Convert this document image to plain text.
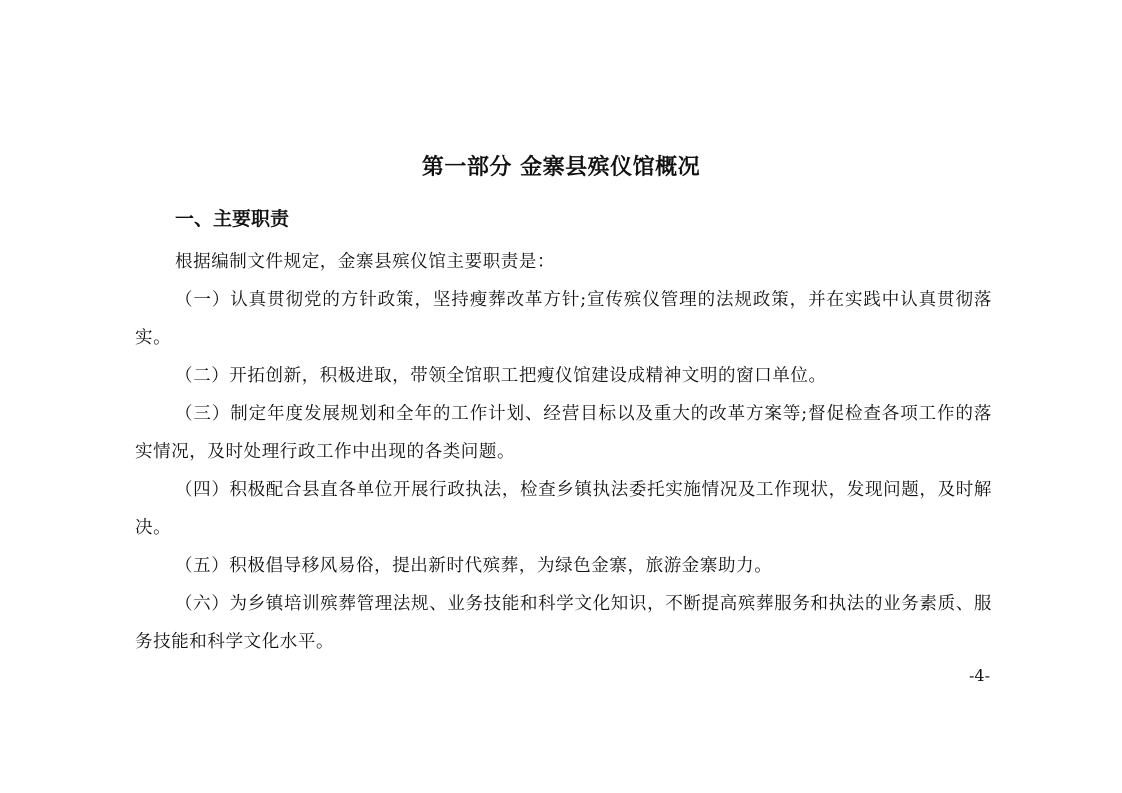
第一部分 金寨县殡仪馆概况
一、主要职责

根据编制文件规定，金寨县殡仪馆主要职责是：

（一）认真贯彻党的方针政策，坚持瘦葬改革方针;宣传殡仪管理的法规政策，并在实践中认真贯彻落实。

（二）开拓创新，积极进取，带领全馆职工把瘦仪馆建设成精神文明的窗口单位。

（三）制定年度发展规划和全年的工作计划、经营目标以及重大的改革方案等;督促检查各项工作的落实情况，及时处理行政工作中出现的各类问题。

（四）积极配合县直各单位开展行政执法，检查乡镇执法委托实施情况及工作现状，发现问题，及时解决。

（五）积极倡导移风易俗，提出新时代殡葬，为绿色金寨，旅游金寨助力。

（六）为乡镇培训殡葬管理法规、业务技能和科学文化知识，不断提高殡葬服务和执法的业务素质、服务技能和科学文化水平。

-4-
